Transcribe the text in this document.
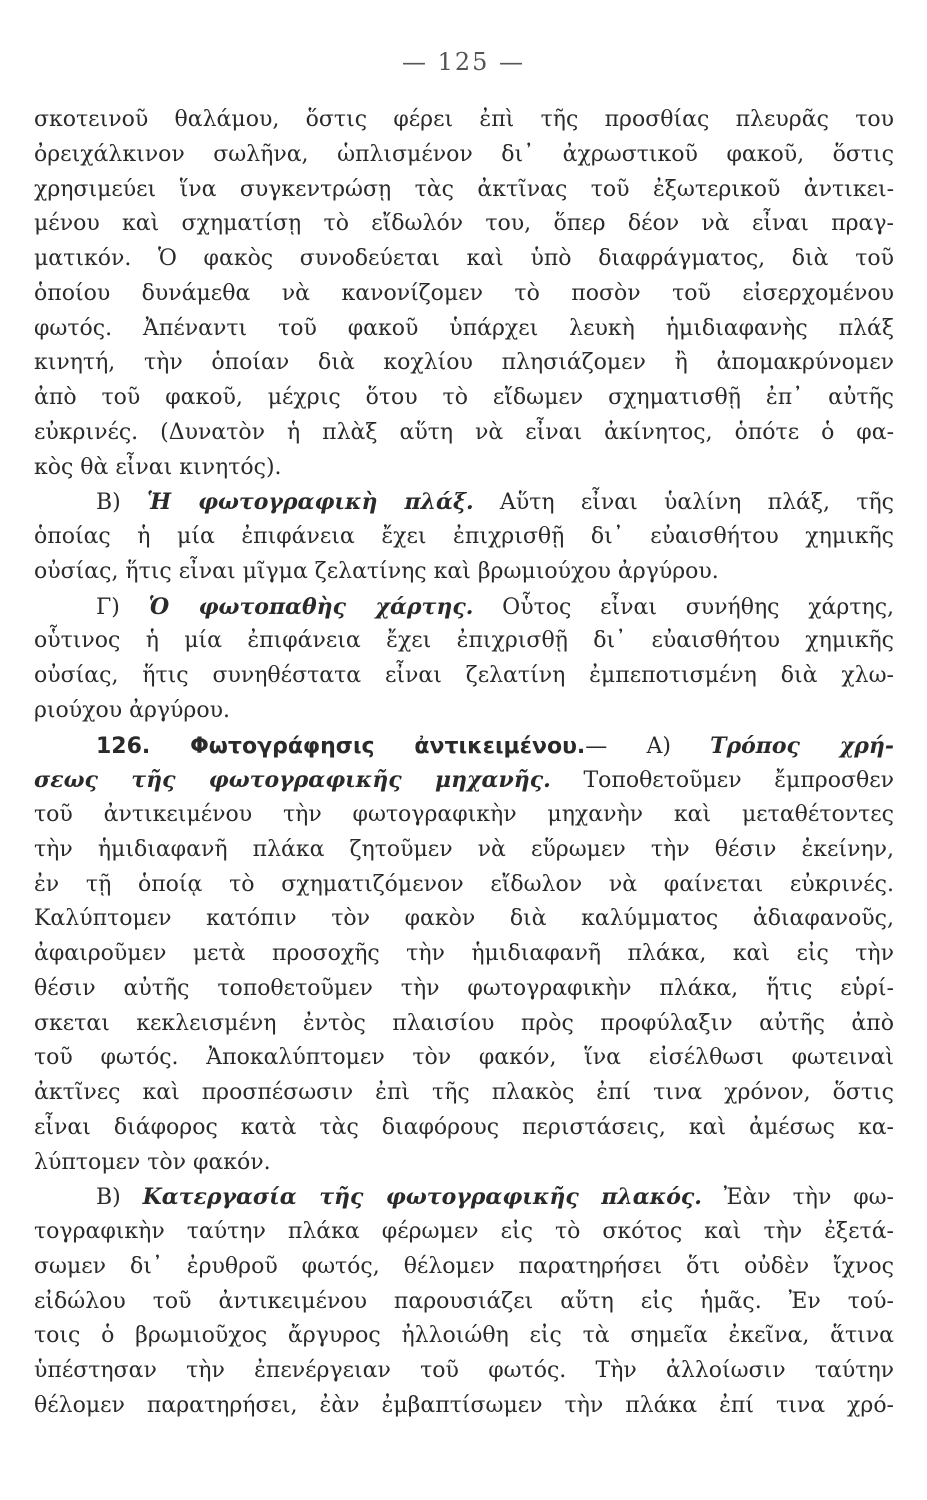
— 125 —
σκοτεινοῦ θαλάμου, ὅστις φέρει ἐπὶ τῆς προσθίας πλευρᾶς του
ὀρειχάλκινον σωλῆνα, ὡπλισμένον δι᾽ ἀχρωστικοῦ φακοῦ, ὅστις
χρησιμεύει ἵνα συγκεντρώσῃ τὰς ἀκτῖνας τοῦ ἐξωτερικοῦ ἀντικει-
μένου καὶ σχηματίσῃ τὸ εἴδωλόν του, ὅπερ δέον νὰ εἶναι πραγ-
ματικόν. Ὁ φακὸς συνοδεύεται καὶ ὑπὸ διαφράγματος, διὰ τοῦ
ὁποίου δυνάμεθα νὰ κανονίζομεν τὸ ποσὸν τοῦ εἰσερχομένου
φωτός. Ἀπέναντι τοῦ φακοῦ ὑπάρχει λευκὴ ἡμιδιαφανὴς πλάξ
κινητή, τὴν ὁποίαν διὰ κοχλίου πλησιάζομεν ἢ ἀπομακρύνομεν
ἀπὸ τοῦ φακοῦ, μέχρις ὅτου τὸ εἴδωμεν σχηματισθῇ ἐπ᾽ αὐτῆς
εὐκρινές. (Δυνατὸν ἡ πλὰξ αὕτη νὰ εἶναι ἀκίνητος, ὁπότε ὁ φα-
κὸς θὰ εἶναι κινητός).
Β) Ἡ φωτογραφικὴ πλάξ. Αὕτη εἶναι ὑαλίνη πλάξ, τῆς
ὁποίας ἡ μία ἐπιφάνεια ἔχει ἐπιχρισθῇ δι᾽ εὐαισθήτου χημικῆς
οὐσίας, ἥτις εἶναι μῖγμα ζελατίνης καὶ βρωμιούχου ἀργύρου.
Γ) Ὁ φωτοπαθὴς χάρτης. Οὗτος εἶναι συνήθης χάρτης,
οὗτινος ἡ μία ἐπιφάνεια ἔχει ἐπιχρισθῇ δι᾽ εὐαισθήτου χημικῆς
οὐσίας, ἥτις συνηθέστατα εἶναι ζελατίνη ἐμπεποτισμένη διὰ χλω-
ριούχου ἀργύρου.
126. Φωτογράφησις ἀντικειμένου.— Α) Τρόπος χρή-
σεως τῆς φωτογραφικῆς μηχανῆς. Τοποθετοῦμεν ἔμπροσθεν
τοῦ ἀντικειμένου τὴν φωτογραφικὴν μηχανὴν καὶ μεταθέτοντες
τὴν ἡμιδιαφανῆ πλάκα ζητοῦμεν νὰ εὕρωμεν τὴν θέσιν ἐκείνην,
ἐν τῇ ὁποίᾳ τὸ σχηματιζόμενον εἴδωλον νὰ φαίνεται εὐκρινές.
Καλύπτομεν κατόπιν τὸν φακὸν διὰ καλύμματος ἀδιαφανοῦς,
ἀφαιροῦμεν μετὰ προσοχῆς τὴν ἡμιδιαφανῆ πλάκα, καὶ εἰς τὴν
θέσιν αὐτῆς τοποθετοῦμεν τὴν φωτογραφικὴν πλάκα, ἥτις εὑρί-
σκεται κεκλεισμένη ἐντὸς πλαισίου πρὸς προφύλαξιν αὐτῆς ἀπὸ
τοῦ φωτός. Ἀποκαλύπτομεν τὸν φακόν, ἵνα εἰσέλθωσι φωτειναὶ
ἀκτῖνες καὶ προσπέσωσιν ἐπὶ τῆς πλακὸς ἐπί τινα χρόνον, ὅστις
εἶναι διάφορος κατὰ τὰς διαφόρους περιστάσεις, καὶ ἀμέσως κα-
λύπτομεν τὸν φακόν.
Β) Κατεργασία τῆς φωτογραφικῆς πλακός. Ἐὰν τὴν φω-
τογραφικὴν ταύτην πλάκα φέρωμεν εἰς τὸ σκότος καὶ τὴν ἐξετά-
σωμεν δι᾽ ἐρυθροῦ φωτός, θέλομεν παρατηρήσει ὅτι οὐδὲν ἴχνος
εἰδώλου τοῦ ἀντικειμένου παρουσιάζει αὕτη εἰς ἡμᾶς. Ἐν τού-
τοις ὁ βρωμιοῦχος ἄργυρος ἠλλοιώθη εἰς τὰ σημεῖα ἐκεῖνα, ἅτινα
ὑπέστησαν τὴν ἐπενέργειαν τοῦ φωτός. Τὴν ἀλλοίωσιν ταύτην
θέλομεν παρατηρήσει, ἐὰν ἐμβαπτίσωμεν τὴν πλάκα ἐπί τινα χρό-
